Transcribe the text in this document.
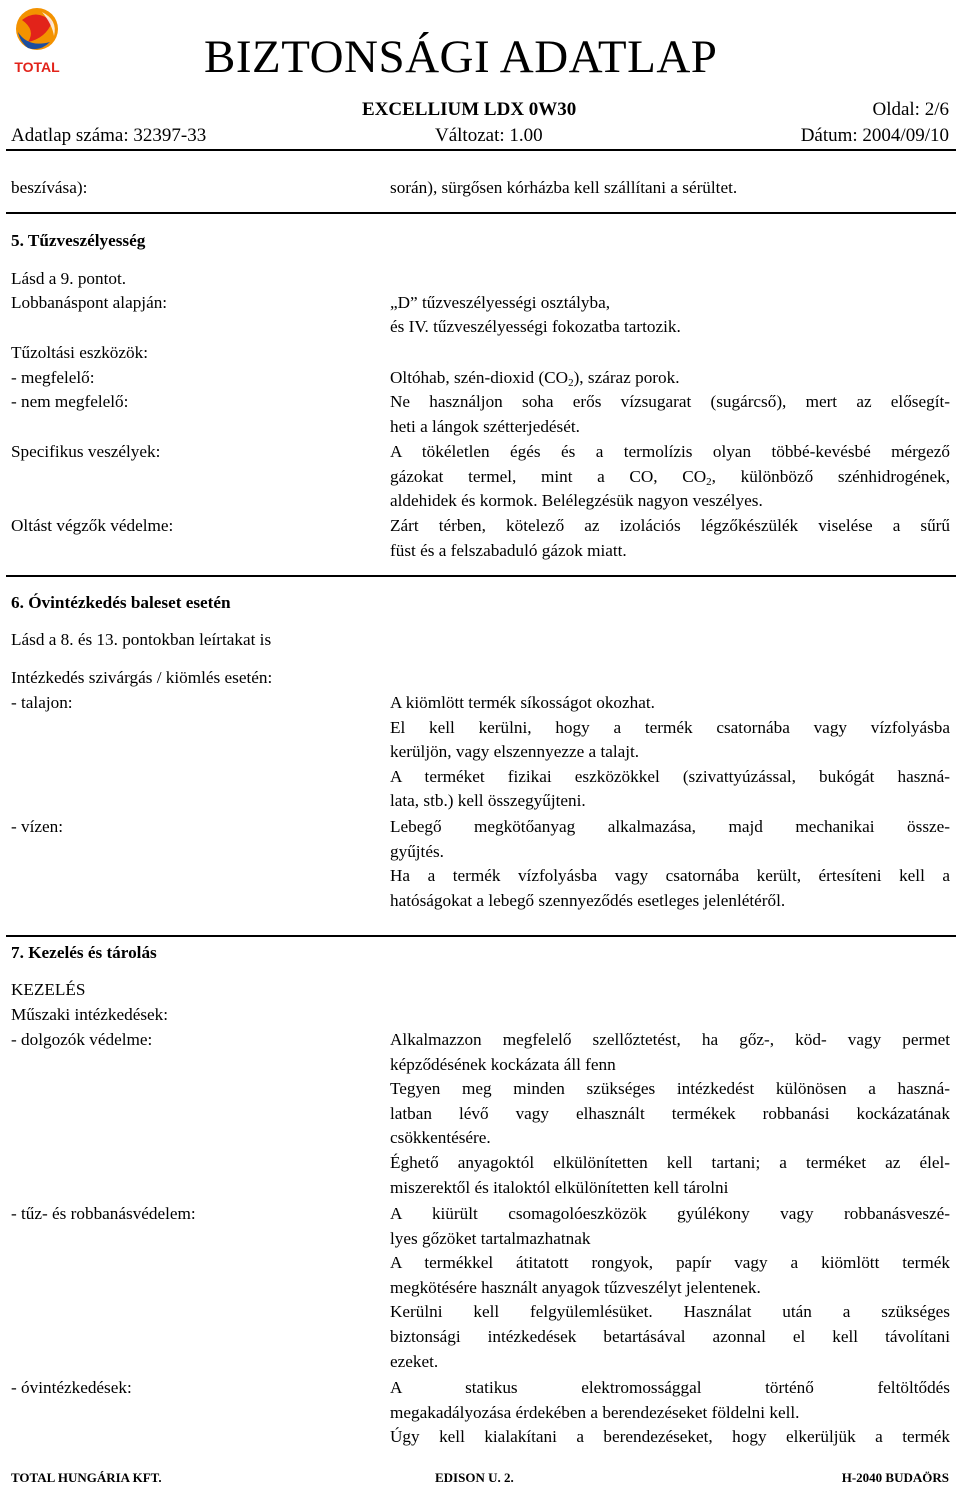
TOTAL	BIZTONSÁGI ADATLAP
EXCELLIUM LDX 0W30	Oldal: 2/6
Adatlap száma: 32397-33	Változat: 1.00	Dátum: 2004/09/10
beszívása):	során), sürgősen kórházba kell szállítani a sérültet.
5. Tűzveszélyesség
Lásd a 9. pontot.
Lobbanáspont alapján:	„D” tűzveszélyességi osztályba,
és IV. tűzveszélyességi fokozatba tartozik.
Tűzoltási eszközök:
- megfelelő:	Oltóhab, szén-dioxid $(CO_2)$, száraz porok.
- nem megfelelő:	Ne használjon soha erős vízsugarat (sugárcső), mert az elősegít-
heti a lángok szétterjedését.
Specifikus veszélyek:	A tökéletlen égés és a termolízis olyan többé-kevésbé mérgező
gázokat termel, mint a CO, $CO_2$, különböző szénhidrogének,
aldehidek és kormok. Belélegzésük nagyon veszélyes.
Oltást végzők védelme:	Zárt térben, kötelező az izolációs légzőkészülék viselése a sűrű
füst és a felszabaduló gázok miatt.
6. Óvintézkedés baleset esetén
Lásd a 8. és 13. pontokban leírtakat is
Intézkedés szivárgás / kiömlés esetén:
- talajon:	A kiömlött termék síkosságot okozhat.
El kell kerülni, hogy a termék csatornába vagy vízfolyásba
kerüljön, vagy elszennyezze a talajt.
A terméket fizikai eszközökkel (szivattyúzással, bukógát haszná-
lata, stb.) kell összegyűjteni.
- vízen:	Lebegő megkötőanyag alkalmazása, majd mechanikai össze-
gyűjtés.
Ha a termék vízfolyásba vagy csatornába került, értesíteni kell a
hatóságokat a lebegő szennyeződés esetleges jelenlétéről.
7. Kezelés és tárolás
KEZELÉS
Műszaki intézkedések:
- dolgozók védelme:	Alkalmazzon megfelelő szellőztetést, ha gőz-, köd- vagy permet
képződésének kockázata áll fenn
Tegyen meg minden szükséges intézkedést különösen a haszná-
latban lévő vagy elhasznált termékek robbanási kockázatának
csökkentésére.
Éghető anyagoktól elkülönítetten kell tartani; a terméket az élel-
miszerektől és italoktól elkülönítetten kell tárolni
- tűz- és robbanásvédelem:	A kiürült csomagolóeszközök gyúlékony vagy robbanásveszé-
lyes gőzöket tartalmazhatnak
A termékkel átitatott rongyok, papír vagy a kiömlött termék
megkötésére használt anyagok tűzveszélyt jelentenek.
Kerülni kell felgyülemlésüket. Használat után a szükséges
biztonsági intézkedések betartásával azonnal el kell távolítani
ezeket.
- óvintézkedések:	A statikus elektromossággal történő feltöltődés
megakadályozása érdekében a berendezéseket földelni kell.
Úgy kell kialakítani a berendezéseket, hogy elkerüljük a termék
TOTAL HUNGÁRIA KFT.	EDISON U. 2.	H-2040 BUDAÖRS
